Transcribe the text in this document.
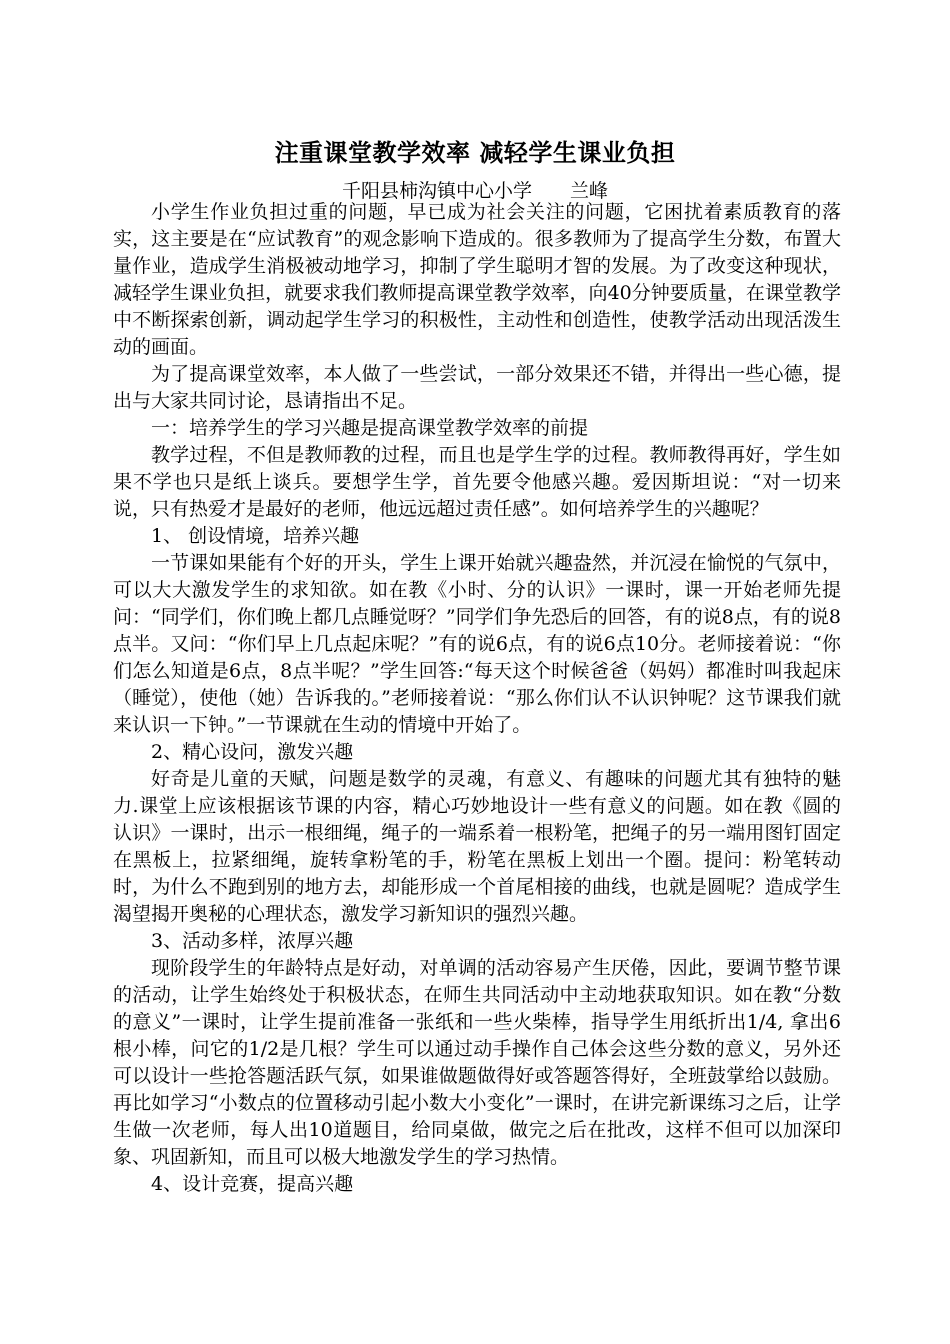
注重课堂教学效率 减轻学生课业负担
千阳县柿沟镇中心小学　　兰峰

小学生作业负担过重的问题，早已成为社会关注的问题，它困扰着素质教育的落实，这主要是在“应试教育”的观念影响下造成的。很多教师为了提高学生分数，布置大量作业，造成学生消极被动地学习，抑制了学生聪明才智的发展。为了改变这种现状，减轻学生课业负担，就要求我们教师提高课堂教学效率，向40分钟要质量，在课堂教学中不断探索创新，调动起学生学习的积极性，主动性和创造性，使教学活动出现活泼生动的画面。

为了提高课堂效率，本人做了一些尝试，一部分效果还不错，并得出一些心德，提出与大家共同讨论，恳请指出不足。

一：培养学生的学习兴趣是提高课堂教学效率的前提

教学过程，不但是教师教的过程，而且也是学生学的过程。教师教得再好，学生如果不学也只是纸上谈兵。要想学生学，首先要令他感兴趣。爱因斯坦说：“对一切来说，只有热爱才是最好的老师，他远远超过责任感”。如何培养学生的兴趣呢？

1、 创设情境，培养兴趣

一节课如果能有个好的开头，学生上课开始就兴趣盎然，并沉浸在愉悦的气氛中，可以大大激发学生的求知欲。如在教《小时、分的认识》一课时，课一开始老师先提问：“同学们，你们晚上都几点睡觉呀？”同学们争先恐后的回答，有的说8点，有的说8点半。又问：“你们早上几点起床呢？”有的说6点，有的说6点10分。老师接着说：“你们怎么知道是6点，8点半呢？”学生回答:“每天这个时候爸爸（妈妈）都准时叫我起床（睡觉），使他（她）告诉我的。”老师接着说：“那么你们认不认识钟呢？这节课我们就来认识一下钟。”一节课就在生动的情境中开始了。

2、精心设问，激发兴趣

好奇是儿童的天赋，问题是数学的灵魂，有意义、有趣味的问题尤其有独特的魅力.课堂上应该根据该节课的内容，精心巧妙地设计一些有意义的问题。如在教《圆的认识》一课时，出示一根细绳，绳子的一端系着一根粉笔，把绳子的另一端用图钉固定在黑板上，拉紧细绳，旋转拿粉笔的手，粉笔在黑板上划出一个圈。提问：粉笔转动时，为什么不跑到别的地方去，却能形成一个首尾相接的曲线，也就是圆呢？造成学生渴望揭开奥秘的心理状态，激发学习新知识的强烈兴趣。

3、活动多样，浓厚兴趣

现阶段学生的年龄特点是好动，对单调的活动容易产生厌倦，因此，要调节整节课的活动，让学生始终处于积极状态，在师生共同活动中主动地获取知识。如在教“分数的意义”一课时，让学生提前准备一张纸和一些火柴棒，指导学生用纸折出1/4, 拿出6根小棒，问它的1/2是几根？学生可以通过动手操作自己体会这些分数的意义，另外还可以设计一些抢答题活跃气氛，如果谁做题做得好或答题答得好，全班鼓掌给以鼓励。再比如学习“小数点的位置移动引起小数大小变化”一课时，在讲完新课练习之后，让学生做一次老师，每人出10道题目，给同桌做，做完之后在批改，这样不但可以加深印象、巩固新知，而且可以极大地激发学生的学习热情。

4、设计竞赛，提高兴趣
